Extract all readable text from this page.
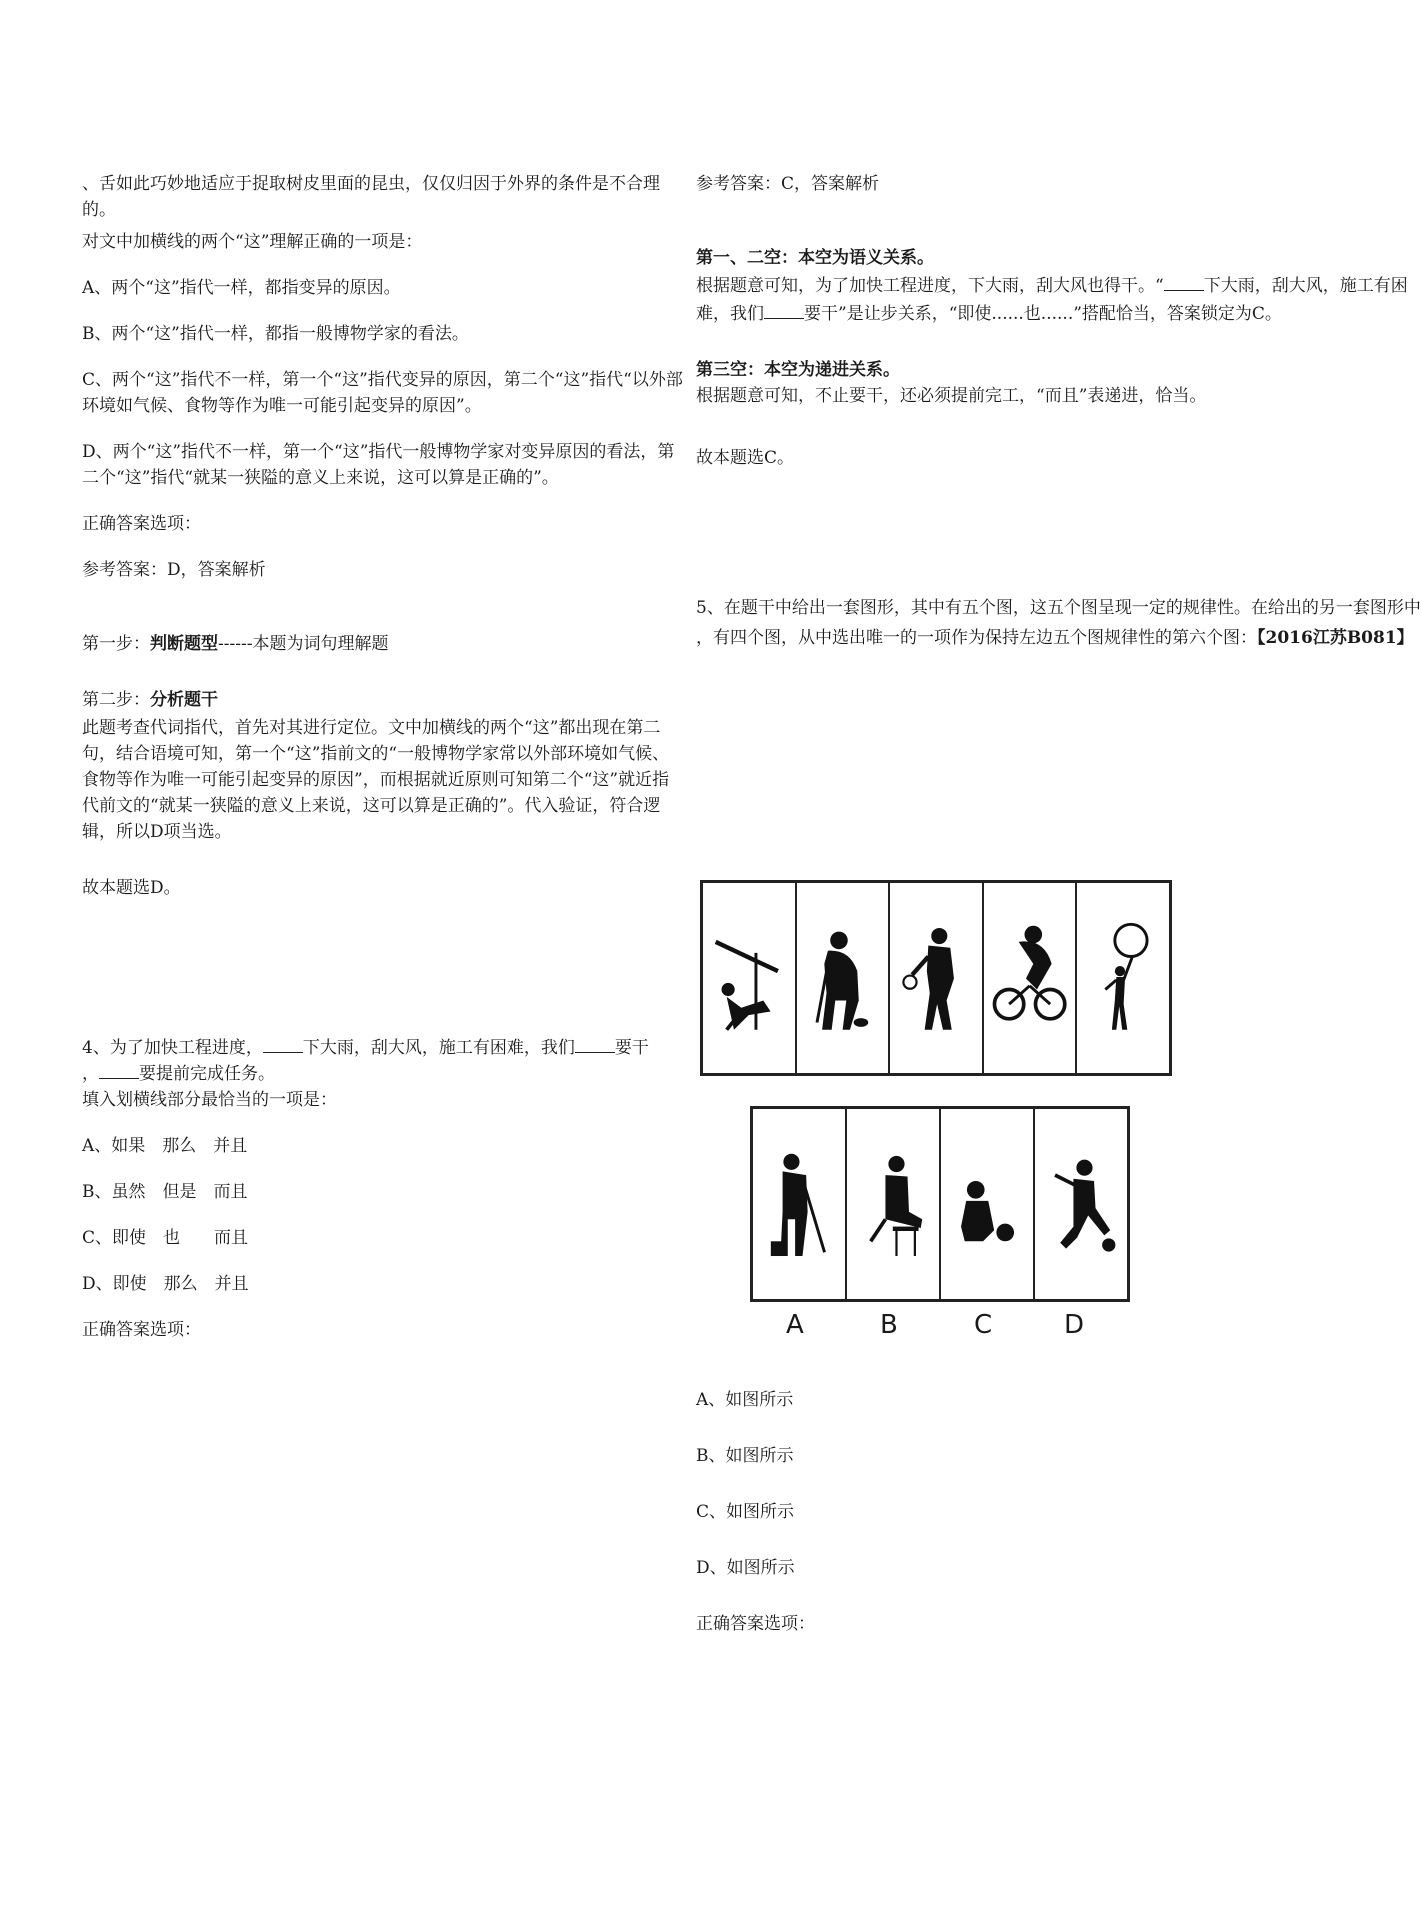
、舌如此巧妙地适应于捉取树皮里面的昆虫，仅仅归因于外界的条件是不合理
的。
对文中加横线的两个“这”理解正确的一项是：
A、两个“这”指代一样，都指变异的原因。
B、两个“这”指代一样，都指一般博物学家的看法。
C、两个“这”指代不一样，第一个“这”指代变异的原因，第二个“这”指代“以外部
环境如气候、食物等作为唯一可能引起变异的原因”。
D、两个“这”指代不一样，第一个“这”指代一般博物学家对变异原因的看法，第
二个“这”指代“就某一狭隘的意义上来说，这可以算是正确的”。
正确答案选项：
参考答案：D，答案解析
第一步：判断题型------本题为词句理解题
第二步：分析题干
此题考查代词指代，首先对其进行定位。文中加横线的两个“这”都出现在第二
句，结合语境可知，第一个“这”指前文的“一般博物学家常以外部环境如气候、
食物等作为唯一可能引起变异的原因”，而根据就近原则可知第二个“这”就近指
代前文的“就某一狭隘的意义上来说，这可以算是正确的”。代入验证，符合逻
辑，所以D项当选。
故本题选D。
4、为了加快工程进度， 下大雨，刮大风，施工有困难，我们 要干
， 要提前完成任务。
填入划横线部分最恰当的一项是：
A、如果　那么　并且
B、虽然　但是　而且
C、即使　也　　而且
D、即使　那么　并且
正确答案选项：
参考答案：C，答案解析
第一、二空：本空为语义关系。
根据题意可知，为了加快工程进度，下大雨，刮大风也得干。“ 下大雨，刮大风，施工有困
难，我们 要干”是让步关系，“即使......也......”搭配恰当，答案锁定为C。
第三空：本空为递进关系。
根据题意可知，不止要干，还必须提前完工，“而且”表递进，恰当。
故本题选C。
5、在题干中给出一套图形，其中有五个图，这五个图呈现一定的规律性。在给出的另一套图形中
，有四个图，从中选出唯一的一项作为保持左边五个图规律性的第六个图：【2016江苏B081】
A	B	C	D
A、如图所示
B、如图所示
C、如图所示
D、如图所示
正确答案选项：
